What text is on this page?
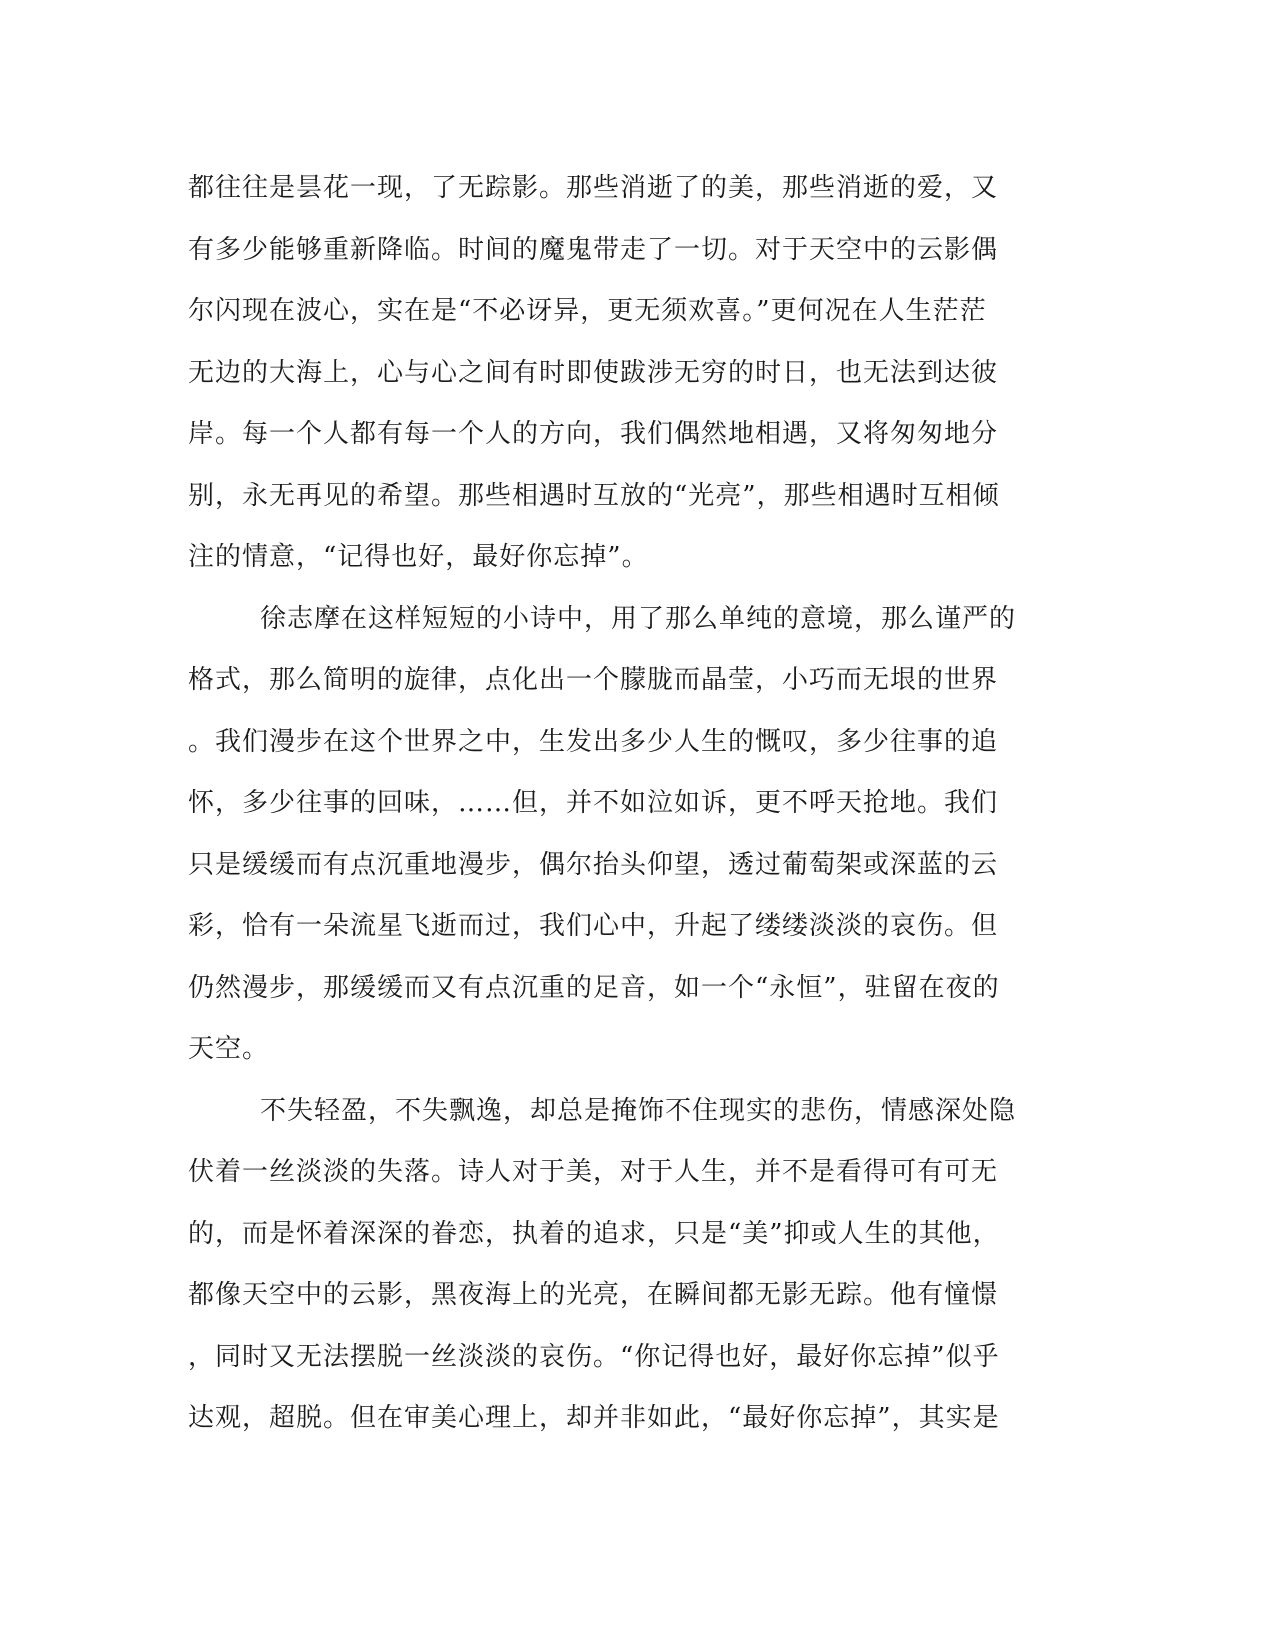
都往往是昙花一现，了无踪影。那些消逝了的美，那些消逝的爱，又
有多少能够重新降临。时间的魔鬼带走了一切。对于天空中的云影偶
尔闪现在波心，实在是“不必讶异，更无须欢喜。”更何况在人生茫茫
无边的大海上，心与心之间有时即使跋涉无穷的时日，也无法到达彼
岸。每一个人都有每一个人的方向，我们偶然地相遇，又将匆匆地分
别，永无再见的希望。那些相遇时互放的“光亮”，那些相遇时互相倾
注的情意，“记得也好，最好你忘掉”。
徐志摩在这样短短的小诗中，用了那么单纯的意境，那么谨严的
格式，那么简明的旋律，点化出一个朦胧而晶莹，小巧而无垠的世界
。我们漫步在这个世界之中，生发出多少人生的慨叹，多少往事的追
怀，多少往事的回味，……但，并不如泣如诉，更不呼天抢地。我们
只是缓缓而有点沉重地漫步，偶尔抬头仰望，透过葡萄架或深蓝的云
彩，恰有一朵流星飞逝而过，我们心中，升起了缕缕淡淡的哀伤。但
仍然漫步，那缓缓而又有点沉重的足音，如一个“永恒”，驻留在夜的
天空。
不失轻盈，不失飘逸，却总是掩饰不住现实的悲伤，情感深处隐
伏着一丝淡淡的失落。诗人对于美，对于人生，并不是看得可有可无
的，而是怀着深深的眷恋，执着的追求，只是“美”抑或人生的其他，
都像天空中的云影，黑夜海上的光亮，在瞬间都无影无踪。他有憧憬
，同时又无法摆脱一丝淡淡的哀伤。“你记得也好，最好你忘掉”似乎
达观，超脱。但在审美心理上，却并非如此，“最好你忘掉”，其实是
